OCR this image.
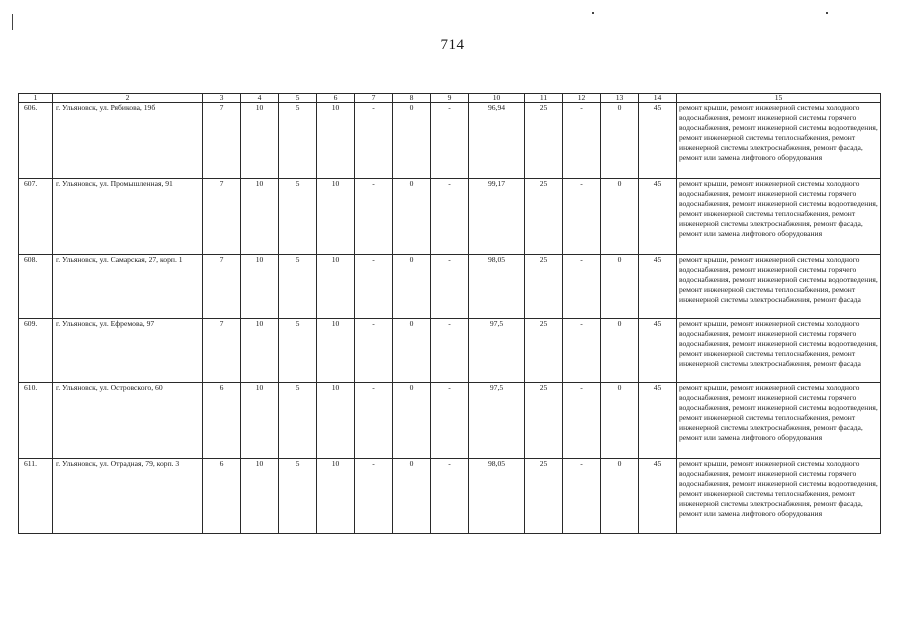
714
1	2	3	4	5	6	7	8	9	10	11	12	13	14	15
606.	г. Ульяновск, ул. Рябикова, 19б	7	10	5	10	-	0	-	96,94	25	-	0	45	ремонт крыши, ремонт инженерной системы холодного водоснабжения, ремонт инженерной системы горячего водоснабжения, ремонт инженерной системы водоотведения, ремонт инженерной системы теплоснабжения, ремонт инженерной системы электроснабжения, ремонт фасада, ремонт или замена лифтового оборудования
607.	г. Ульяновск, ул. Промышленная, 91	7	10	5	10	-	0	-	99,17	25	-	0	45	ремонт крыши, ремонт инженерной системы холодного водоснабжения, ремонт инженерной системы горячего водоснабжения, ремонт инженерной системы водоотведения, ремонт инженерной системы теплоснабжения, ремонт инженерной системы электроснабжения, ремонт фасада, ремонт или замена лифтового оборудования
608.	г. Ульяновск, ул. Самарская, 27, корп. 1	7	10	5	10	-	0	-	98,05	25	-	0	45	ремонт крыши, ремонт инженерной системы холодного водоснабжения, ремонт инженерной системы горячего водоснабжения, ремонт инженерной системы водоотведения, ремонт инженерной системы теплоснабжения, ремонт инженерной системы электроснабжения, ремонт фасада
609.	г. Ульяновск, ул. Ефремова, 97	7	10	5	10	-	0	-	97,5	25	-	0	45	ремонт крыши, ремонт инженерной системы холодного водоснабжения, ремонт инженерной системы горячего водоснабжения, ремонт инженерной системы водоотведения, ремонт инженерной системы теплоснабжения, ремонт инженерной системы электроснабжения, ремонт фасада
610.	г. Ульяновск, ул. Островского, 60	6	10	5	10	-	0	-	97,5	25	-	0	45	ремонт крыши, ремонт инженерной системы холодного водоснабжения, ремонт инженерной системы горячего водоснабжения, ремонт инженерной системы водоотведения, ремонт инженерной системы теплоснабжения, ремонт инженерной системы электроснабжения, ремонт фасада, ремонт или замена лифтового оборудования
611.	г. Ульяновск, ул. Отрадная, 79, корп. 3	6	10	5	10	-	0	-	98,05	25	-	0	45	ремонт крыши, ремонт инженерной системы холодного водоснабжения, ремонт инженерной системы горячего водоснабжения, ремонт инженерной системы водоотведения, ремонт инженерной системы теплоснабжения, ремонт инженерной системы электроснабжения, ремонт фасада, ремонт или замена лифтового оборудования
